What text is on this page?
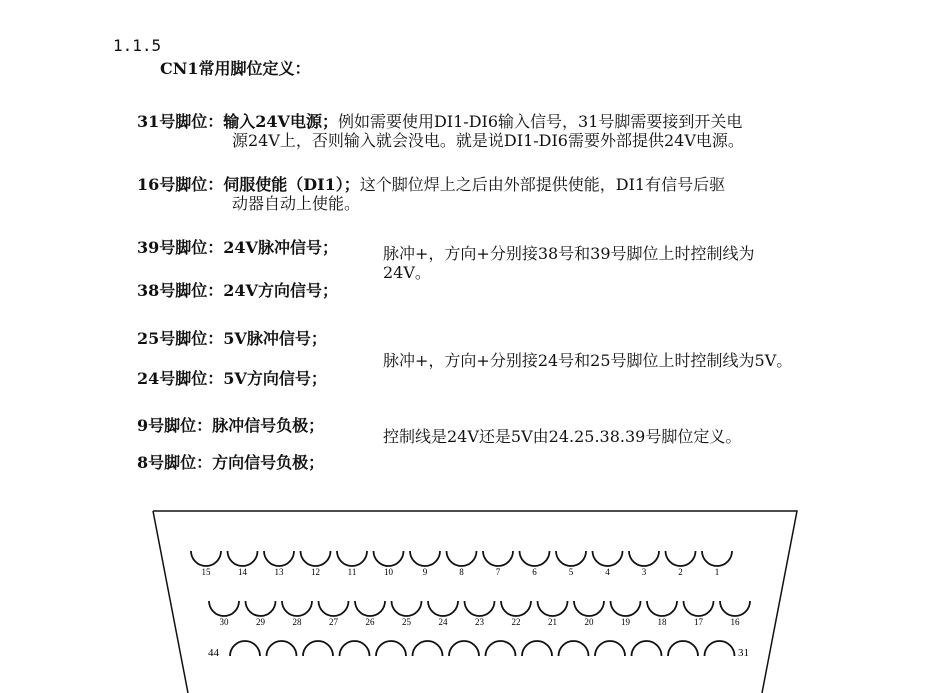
1.1.5
CN1常用脚位定义：
31号脚位：输入24V电源；例如需要使用DI1-DI6输入信号，31号脚需要接到开关电
源24V上，否则输入就会没电。就是说DI1-DI6需要外部提供24V电源。
16号脚位：伺服使能（DI1）；这个脚位焊上之后由外部提供使能，DI1有信号后驱
动器自动上使能。
39号脚位：24V脉冲信号；
38号脚位：24V方向信号；
脉冲+，方向+分别接38号和39号脚位上时控制线为
24V。
25号脚位：5V脉冲信号；
24号脚位：5V方向信号；
脉冲+，方向+分别接24号和25号脚位上时控制线为5V。
9号脚位：脉冲信号负极；
8号脚位：方向信号负极；
控制线是24V还是5V由24.25.38.39号脚位定义。
15	14	13	12	11	10	9	8	7	6	5	4	3	2	1
30	29	28	27	26	25	24	23	22	21	20	19	18	17	16
44	31
